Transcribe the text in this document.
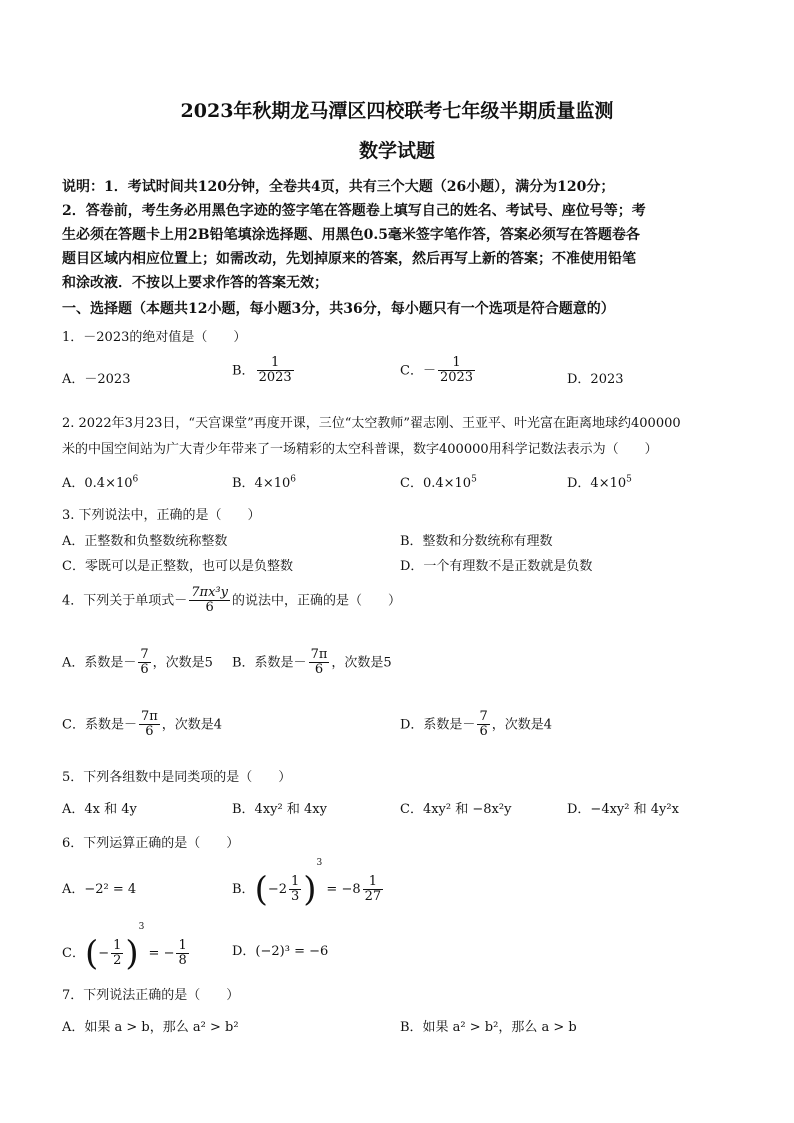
2023年秋期龙马潭区四校联考七年级半期质量监测
数学试题
说明：1．考试时间共120分钟，全卷共4页，共有三个大题（26小题），满分为120分；
2．答卷前，考生务必用黑色字迹的签字笔在答题卷上填写自己的姓名、考试号、座位号等；考
生必须在答题卡上用2B铅笔填涂选择题、用黑色0.5毫米签字笔作答，答案必须写在答题卷各
题目区域内相应位置上；如需改动，先划掉原来的答案，然后再写上新的答案；不准使用铅笔
和涂改液．不按以上要求作答的答案无效；
一、选择题（本题共12小题，每小题3分，共36分，每小题只有一个选项是符合题意的）
1．－2023的绝对值是（　　）
A．－2023
B． $\frac{1}{2023}$	C．－ $\frac{1}{2023}$	D．2023
2. 2022年3月23日，“天宫课堂”再度开课，三位“太空教师”翟志刚、王亚平、叶光富在距离地球约400000
米的中国空间站为广大青少年带来了一场精彩的太空科普课，数字400000用科学记数法表示为（　　）
A．$0.4\times 10^6$	B．$4\times 10^6$	C．$0.4\times 10^5$	D．$4\times 10^5$
3. 下列说法中，正确的是（　　）
A．正整数和负整数统称整数	B．整数和分数统称有理数
C．零既可以是正整数，也可以是负整数	D．一个有理数不是正数就是负数
4．下列关于单项式－ $\frac{\text{7πx³y}}{6}$ 的说法中，正确的是（　　）
A．系数是－ $\frac{7}{6}$ ，次数是5 B．系数是－ $\frac{7\pi}{6}$ ，次数是5
C．系数是－ $\frac{7\pi}{6}$ ，次数是4	D．系数是－ $\frac{7}{6}$ ，次数是4
5．下列各组数中是同类项的是（　　）
A．4x 和 4y	B．4xy² 和 4xy	C．4xy² 和 −8x²y	D．−4xy² 和 4y²x
6．下列运算正确的是（　　）
A．−2² = 4	B．$(-2 \frac{1}{3} )^3 = -8 \frac{1}{27}$
C．(− $\frac{1}{2} )^3$ = − $\frac{1}{8}$	D．(−2)³ = −6
7．下列说法正确的是（　　）
A．如果 a > b，那么 a² > b²	B．如果 a² > b²，那么 a > b
